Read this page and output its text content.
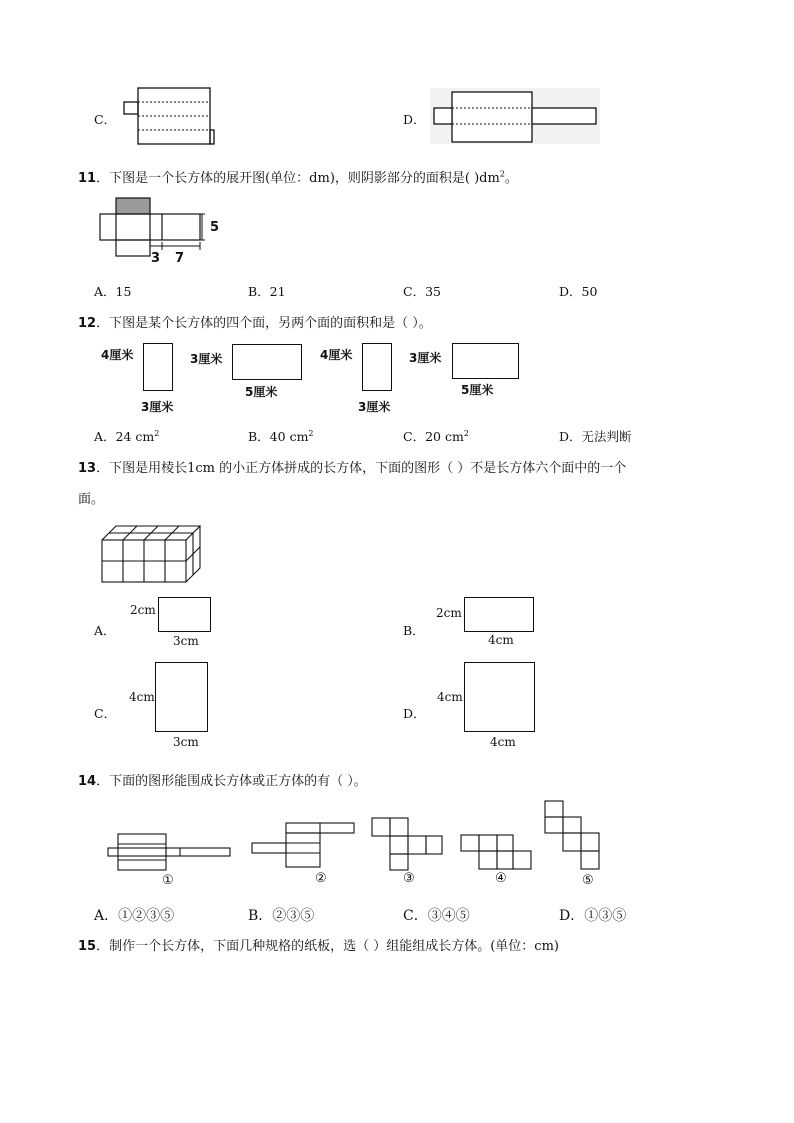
C．	D．
11．下图是一个长方体的展开图(单位：dm)，则阴影部分的面积是( )$dm^2$。
5
3 7
A．15	B．21	C．35	D．50
12．下图是某个长方体的四个面，另两个面的面积和是（ ）。
4厘米
3厘米
3厘米
5厘米
4厘米
3厘米
3厘米
5厘米
A．24 $cm^2$	B．40 $cm^2$	C．20 $cm^2$	D．无法判断
13．下图是用棱长1cm 的小正方体拼成的长方体，下面的图形（ ）不是长方体六个面中的一个
面。
A．
2cm
3cm
B．
2cm
4cm
C．
4cm
3cm
D．
4cm
4cm
14．下面的图形能围成长方体或正方体的有（ ）。
①	②	③	④	⑤
A．①②③⑤	B．②③⑤	C．③④⑤	D．①③⑤
15．制作一个长方体，下面几种规格的纸板，选（ ）组能组成长方体。(单位：cm)
